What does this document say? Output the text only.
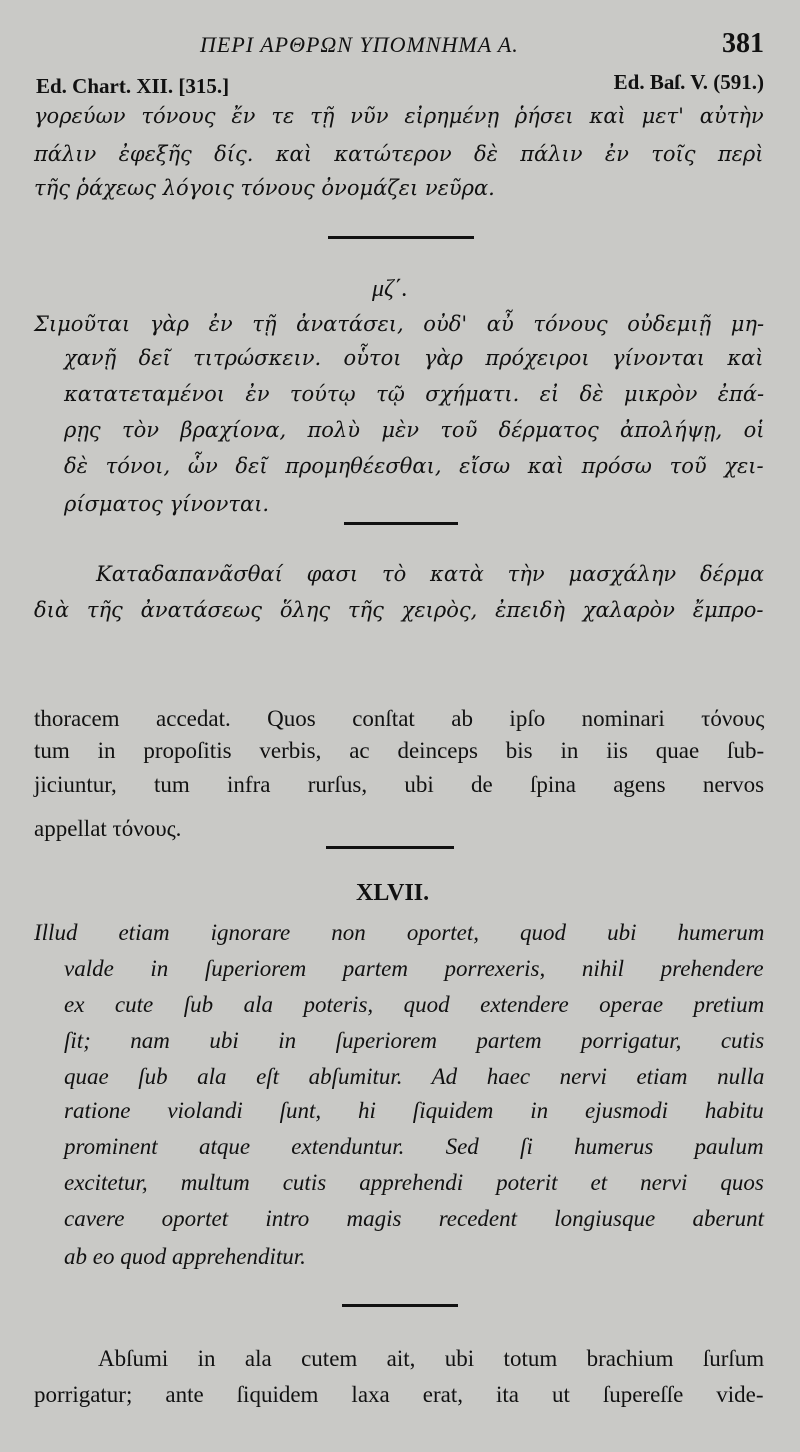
ΠΕΡΙ ΑΡΘΡΩΝ ΥΠΟΜΝΗΜΑ Α.	381
Ed. Chart. XII. [315.]	Ed. Baſ. V. (591.)
γορεύων τόνους ἔν τε τῇ νῦν εἰρημένῃ ῥήσει καὶ μετ' αὐτὴν
πάλιν ἐφεξῆς δίς. καὶ κατώτερον δὲ πάλιν ἐν τοῖς περὶ
τῆς ῥάχεως λόγοις τόνους ὀνομάζει νεῦρα.
μζ΄.
Σιμοῦται γὰρ ἐν τῇ ἀνατάσει, οὐδ' αὖ τόνους οὐδεμιῇ μη-
χανῇ δεῖ τιτρώσκειν. οὗτοι γὰρ πρόχειροι γίνονται καὶ
κατατεταμένοι ἐν τούτῳ τῷ σχήματι. εἰ δὲ μικρὸν ἐπά-
ρῃς τὸν βραχίονα, πολὺ μὲν τοῦ δέρματος ἀπολήψῃ, οἱ
δὲ τόνοι, ὧν δεῖ προμηθέεσθαι, εἴσω καὶ πρόσω τοῦ χει-
ρίσματος γίνονται.
Καταδαπανᾶσθαί φασι τὸ κατὰ τὴν μασχάλην δέρμα
διὰ τῆς ἀνατάσεως ὅλης τῆς χειρὸς, ἐπειδὴ χαλαρὸν ἔμπρο-
thoracem accedat. Quos conſtat ab ipſo nominari τόνους
tum in propoſitis verbis, ac deinceps bis in iis quae ſub-
jiciuntur, tum infra rurſus, ubi de ſpina agens nervos
appellat τόνους.
XLVII.
Illud etiam ignorare non oportet, quod ubi humerum
valde in ſuperiorem partem porrexeris, nihil prehendere
ex cute ſub ala poteris, quod extendere operae pretium
ſit; nam ubi in ſuperiorem partem porrigatur, cutis
quae ſub ala eſt abſumitur. Ad haec nervi etiam nulla
ratione violandi ſunt, hi ſiquidem in ejusmodi habitu
prominent atque extenduntur. Sed ſi humerus paulum
excitetur, multum cutis apprehendi poterit et nervi quos
cavere oportet intro magis recedent longiusque aberunt
ab eo quod apprehenditur.
Abſumi in ala cutem ait, ubi totum brachium ſurſum
porrigatur; ante ſiquidem laxa erat, ita ut ſupereſſe vide-
